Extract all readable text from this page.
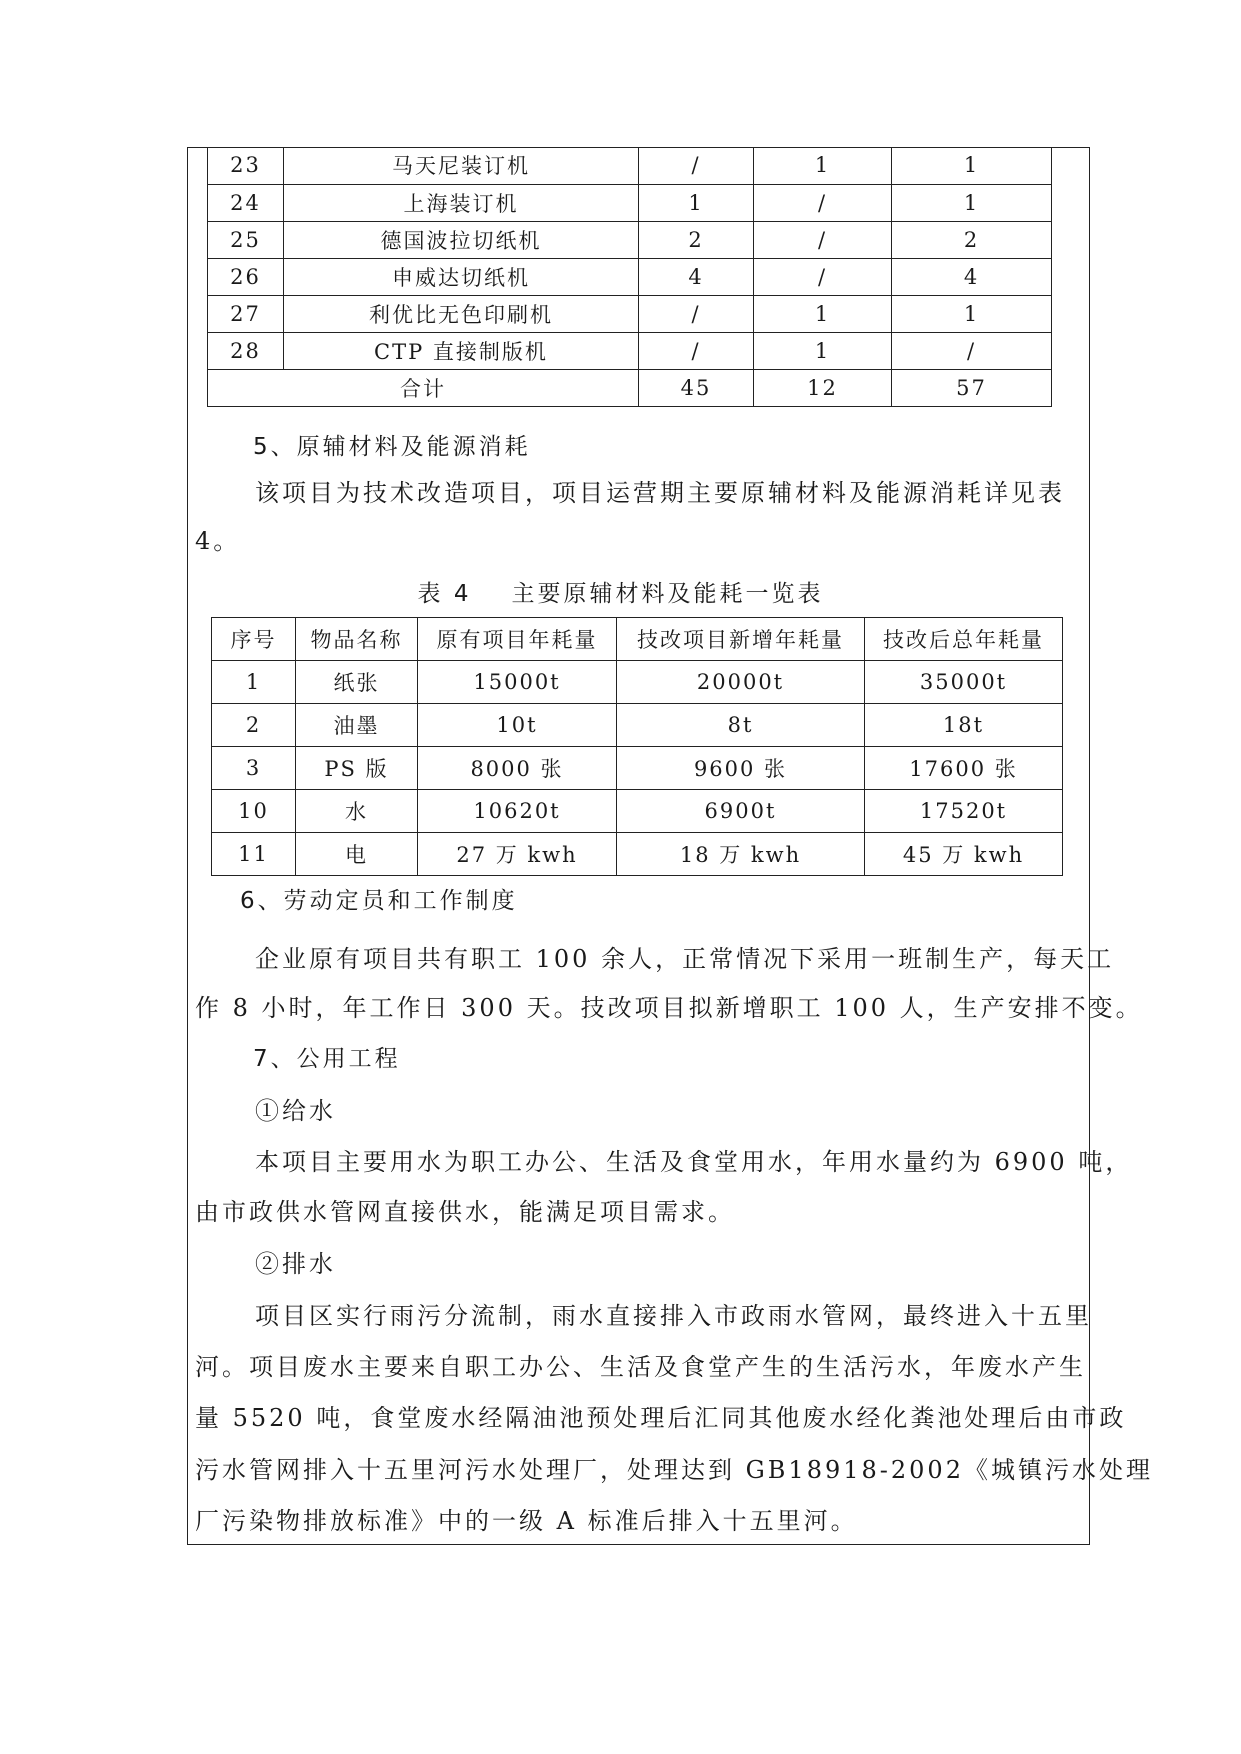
23	马天尼装订机	/	1	1
24	上海装订机	1	/	1
25	德国波拉切纸机	2	/	2
26	申威达切纸机	4	/	4
27	利优比无色印刷机	/	1	1
28	CTP 直接制版机	/	1	/
合计		45	12	57
5、原辅材料及能源消耗
该项目为技术改造项目，项目运营期主要原辅材料及能源消耗详见表
4。
表 4 主要原辅材料及能耗一览表
序号	物品名称	原有项目年耗量	技改项目新增年耗量	技改后总年耗量
1	纸张	15000t	20000t	35000t
2	油墨	10t	8t	18t
3	PS 版	8000 张	9600 张	17600 张
10	水	10620t	6900t	17520t
11	电	27 万 kwh	18 万 kwh	45 万 kwh
6、劳动定员和工作制度
企业原有项目共有职工 100 余人，正常情况下采用一班制生产，每天工
作 8 小时，年工作日 300 天。技改项目拟新增职工 100 人，生产安排不变。
7、公用工程
①给水
本项目主要用水为职工办公、生活及食堂用水，年用水量约为 6900 吨，
由市政供水管网直接供水，能满足项目需求。
②排水
项目区实行雨污分流制，雨水直接排入市政雨水管网，最终进入十五里
河。项目废水主要来自职工办公、生活及食堂产生的生活污水，年废水产生
量 5520 吨，食堂废水经隔油池预处理后汇同其他废水经化粪池处理后由市政
污水管网排入十五里河污水处理厂，处理达到 GB18918-2002《城镇污水处理
厂污染物排放标准》中的一级 A 标准后排入十五里河。
